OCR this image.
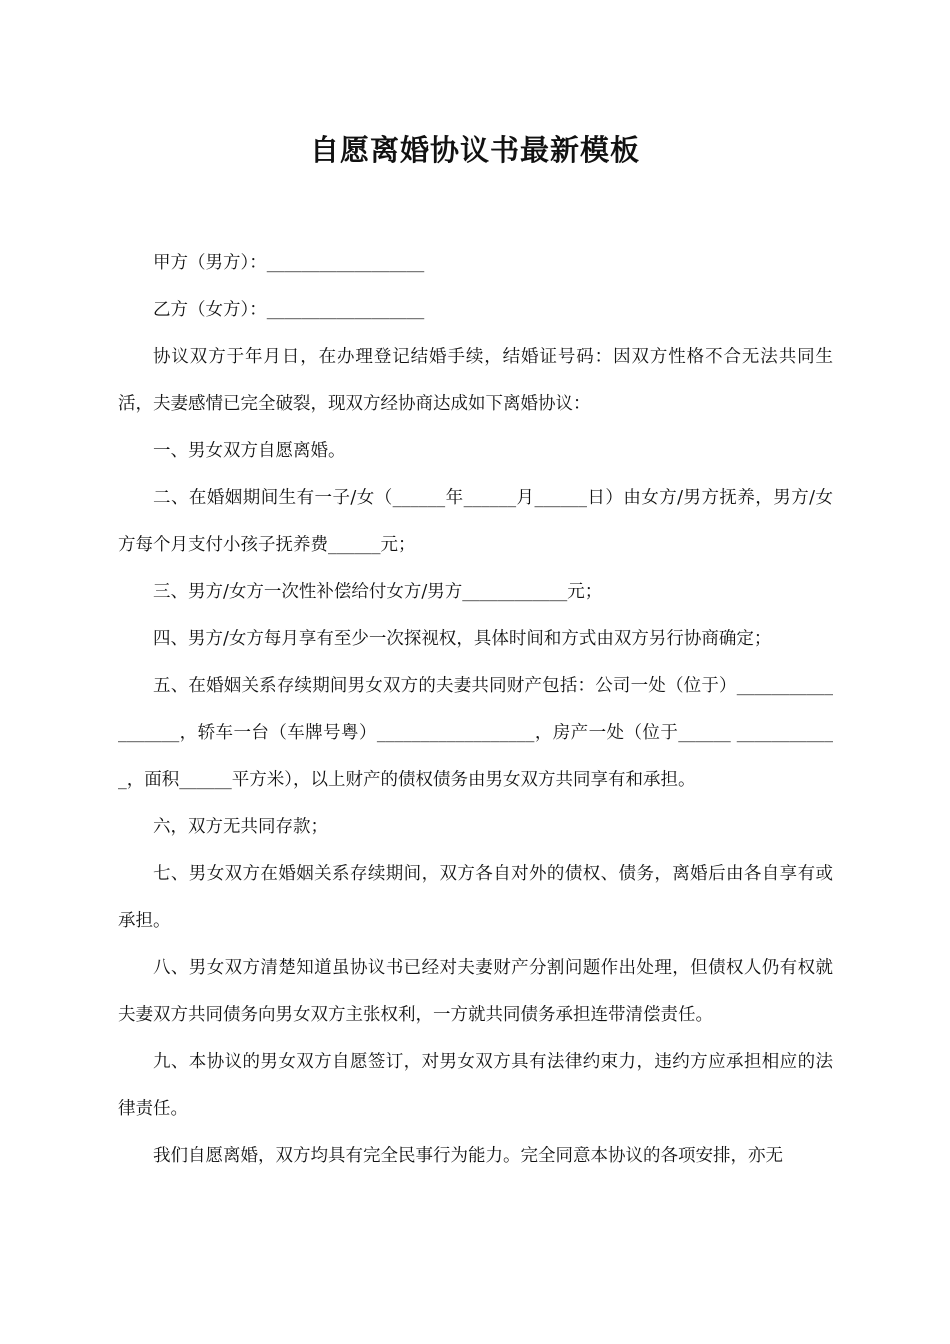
自愿离婚协议书最新模板

甲方（男方）：__________________

乙方（女方）：__________________

协议双方于年月日，在办理登记结婚手续，结婚证号码：因双方性格不合无法共同生活，夫妻感情已完全破裂，现双方经协商达成如下离婚协议：

一、男女双方自愿离婚。

二、在婚姻期间生有一子/女（______年______月______日）由女方/男方抚养，男方/女方每个月支付小孩子抚养费______元；

三、男方/女方一次性补偿给付女方/男方____________元；

四、男方/女方每月享有至少一次探视权，具体时间和方式由双方另行协商确定；

五、在婚姻关系存续期间男女双方的夫妻共同财产包括：公司一处（位于）__________________，轿车一台（车牌号粤）__________________，房产一处（位于______ ____________，面积______平方米），以上财产的债权债务由男女双方共同享有和承担。

六，双方无共同存款；

七、男女双方在婚姻关系存续期间，双方各自对外的债权、债务，离婚后由各自享有或承担。

八、男女双方清楚知道虽协议书已经对夫妻财产分割问题作出处理，但债权人仍有权就夫妻双方共同债务向男女双方主张权利，一方就共同债务承担连带清偿责任。

九、本协议的男女双方自愿签订，对男女双方具有法律约束力，违约方应承担相应的法律责任。

我们自愿离婚，双方均具有完全民事行为能力。完全同意本协议的各项安排，亦无
